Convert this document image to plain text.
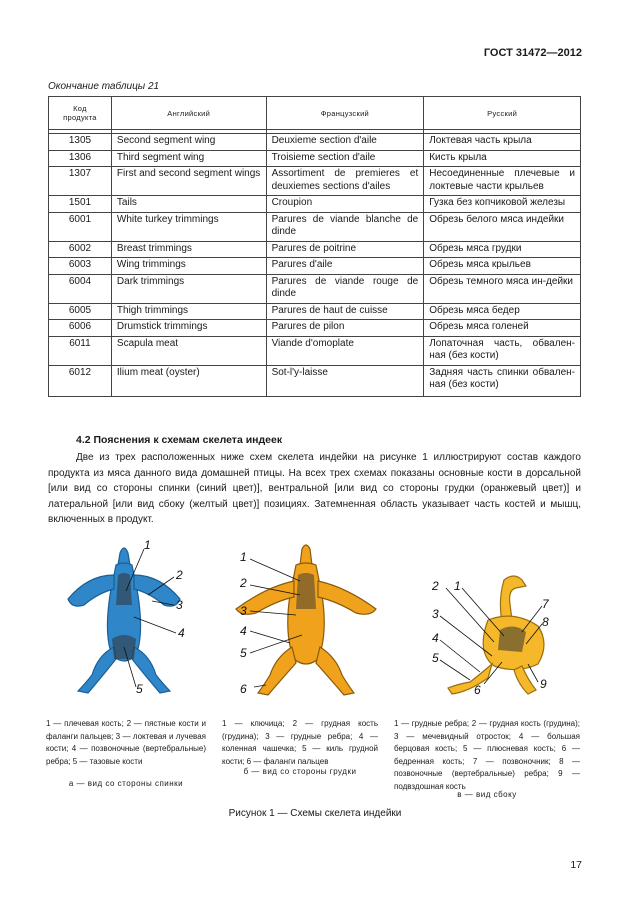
ГОСТ 31472—2012
Окончание таблицы 21
Код
продукта	Английский	Французский	Русский

1305	Second segment wing	Deuxieme section d'aile	Локтевая часть крыла
1306	Third segment wing	Troisieme section d'aile	Кисть крыла
1307	First and second segment wings	Assortiment de premieres et deuxiemes sections d'ailes	Несоединенные плечевые и локтевые части крыльев
1501	Tails	Croupion	Гузка без копчиковой железы
6001	White turkey trimmings	Parures de viande blanche de dinde	Обрезь белого мяса индейки
6002	Breast trimmings	Parures de poitrine	Обрезь мяса грудки
6003	Wing trimmings	Parures d'aile	Обрезь мяса крыльев
6004	Dark trimmings	Parures de viande rouge de dinde	Обрезь темного мяса ин-дейки
6005	Thigh trimmings	Parures de haut de cuisse	Обрезь мяса бедер
6006	Drumstick trimmings	Parures de pilon	Обрезь мяса голеней
6011	Scapula meat	Viande d'omoplate	Лопаточная часть, обвален-ная (без кости)
6012	Ilium meat (oyster)	Sot-l'y-laisse	Задняя часть спинки обвален-ная (без кости)
4.2 Пояснения к схемам скелета индеек

Две из трех расположенных ниже схем скелета индейки на рисунке 1 иллюстрируют состав каждого продукта из мяса данного вида домашней птицы. На всех трех схемах показаны основные кости в дорсальной [или вид со стороны спинки (синий цвет)], вентральной [или вид со стороны грудки (оранжевый цвет)] и латеральной [или вид сбоку (желтый цвет)] позициях. Затемненная область указывает часть костей и мышц, включенных в продукт.

1
2
3
4
5
1
2
3
4
5
6
1
2
3
4
5
6
7
8
9

1 — плечевая кость; 2 — пястные кости и фаланги пальцев; 3 — локтевая и лучевая кости; 4 — позвоночные (вертебральные) ребра; 5 — тазовые кости

а — вид со стороны спинки

1 — ключица; 2 — грудная кость (грудина); 3 — грудные ребра; 4 — коленная чашечка; 5 — киль грудной кости; 6 — фаланги пальцев

б — вид со стороны грудки

1 — грудные ребра; 2 — грудная кость (грудина); 3 — мечевидный отросток; 4 — большая берцовая кость; 5 — плюсневая кость; 6 — бедренная кость; 7 — позвоночник; 8 — позвоночные (вертебральные) ребра; 9 — подвздошная кость

в — вид сбоку
Рисунок 1 — Схемы скелета индейки
17
